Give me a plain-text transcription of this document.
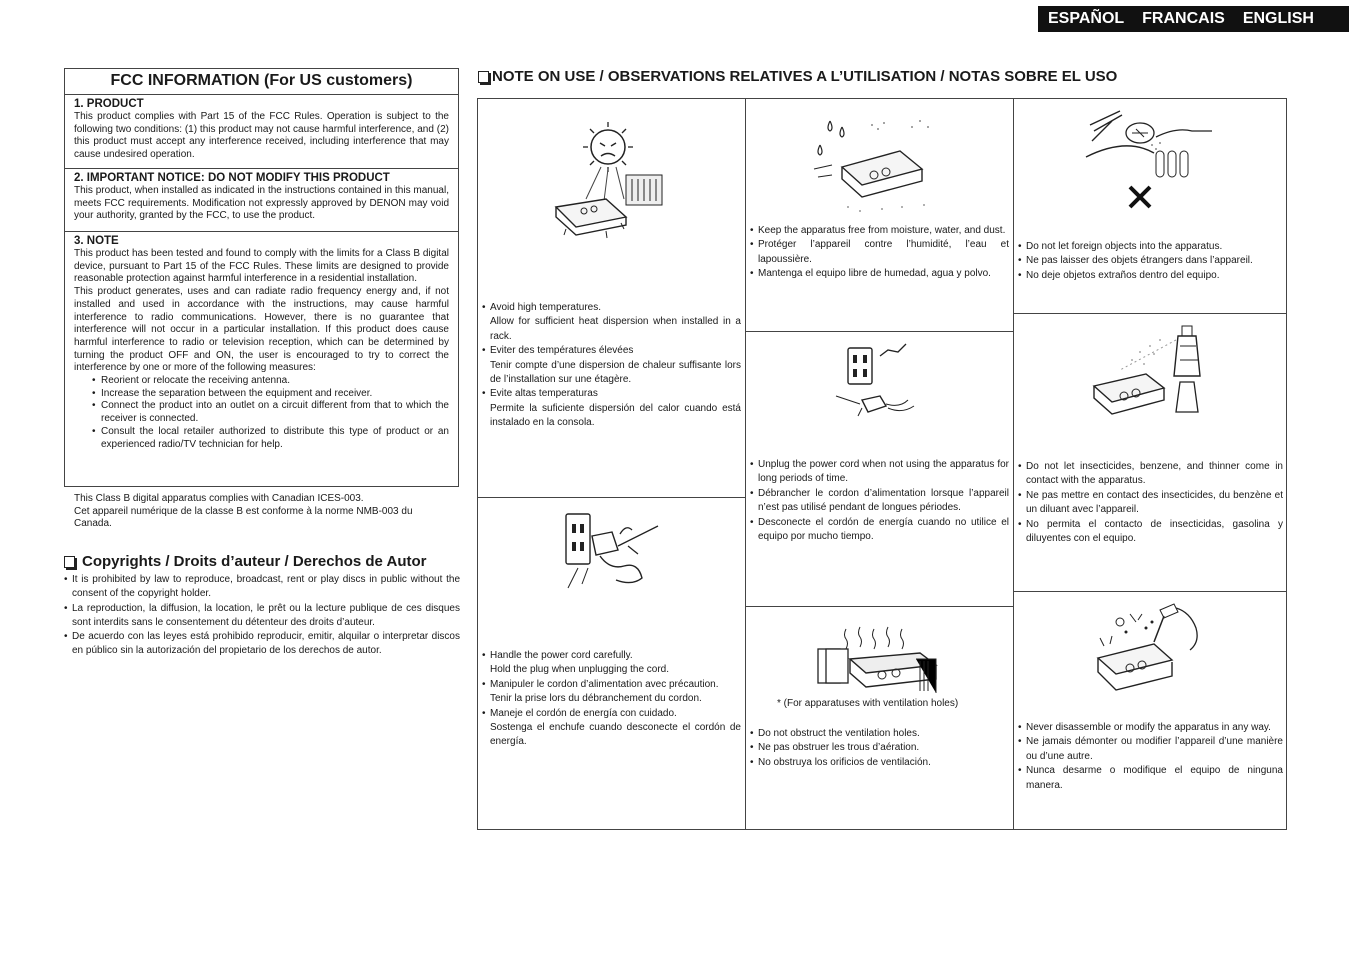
ESPAÑOL FRANCAIS ENGLISH
FCC INFORMATION (For US customers)
1. PRODUCT

This product complies with Part 15 of the FCC Rules. Operation is subject to the following two conditions: (1) this product may not cause harmful interference, and (2) this product must accept any interference received, including interference that may cause undesired operation.

2. IMPORTANT NOTICE: DO NOT MODIFY THIS PRODUCT

This product, when installed as indicated in the instructions contained in this manual, meets FCC requirements. Modification not expressly approved by DENON may void your authority, granted by the FCC, to use the product.

3. NOTE

This product has been tested and found to comply with the limits for a Class B digital device, pursuant to Part 15 of the FCC Rules. These limits are designed to provide reasonable protection against harmful interference in a residential installation.

This product generates, uses and can radiate radio frequency energy and, if not installed and used in accordance with the instructions, may cause harmful interference to radio communications. However, there is no guarantee that interference will not occur in a particular installation. If this product does cause harmful interference to radio or television reception, which can be determined by turning the product OFF and ON, the user is encouraged to try to correct the interference by one or more of the following measures:

• Reorient or relocate the receiving antenna.
• Increase the separation between the equipment and receiver.
• Connect the product into an outlet on a circuit different from that to which the receiver is connected.
• Consult the local retailer authorized to distribute this type of product or an experienced radio/TV technician for help.
This Class B digital apparatus complies with Canadian ICES-003.
Cet appareil numérique de la classe B est conforme à la norme NMB-003 du Canada.
Copyrights / Droits d’auteur / Derechos de Autor
• It is prohibited by law to reproduce, broadcast, rent or play discs in public without the consent of the copyright holder.
• La reproduction, la diffusion, la location, le prêt ou la lecture publique de ces disques sont interdits sans le consentement du détenteur des droits d’auteur.
• De acuerdo con las leyes está prohibido reproducir, emitir, alquilar o interpretar discos en público sin la autorización del propietario de los derechos de autor.
NOTE ON USE / OBSERVATIONS RELATIVES A L’UTILISATION / NOTAS SOBRE EL USO
• Avoid high temperatures.
Allow for sufficient heat dispersion when installed in a rack.
• Eviter des températures élevées
Tenir compte d’une dispersion de chaleur suffisante lors de l’installation sur une étagère.
• Evite altas temperaturas
Permite la suficiente dispersión del calor cuando está instalado en la consola.
• Handle the power cord carefully.
Hold the plug when unplugging the cord.
• Manipuler le cordon d’alimentation avec précaution.
Tenir la prise lors du débranchement du cordon.
• Maneje el cordón de energía con cuidado.
Sostenga el enchufe cuando desconecte el cordón de energía.
• Keep the apparatus free from moisture, water, and dust.
• Protéger l’appareil contre l’humidité, l’eau et lapoussière.
• Mantenga el equipo libre de humedad, agua y polvo.
• Unplug the power cord when not using the apparatus for long periods of time.
• Débrancher le cordon d’alimentation lorsque l’appareil n’est pas utilisé pendant de longues périodes.
• Desconecte el cordón de energía cuando no utilice el equipo por mucho tiempo.
* (For apparatuses with ventilation holes)
• Do not obstruct the ventilation holes.
• Ne pas obstruer les trous d’aération.
• No obstruya los orificios de ventilación.
• Do not let foreign objects into the apparatus.
• Ne pas laisser des objets étrangers dans l’appareil.
• No deje objetos extraños dentro del equipo.
• Do not let insecticides, benzene, and thinner come in contact with the apparatus.
• Ne pas mettre en contact des insecticides, du benzène et un diluant avec l’appareil.
• No permita el contacto de insecticidas, gasolina y diluyentes con el equipo.
• Never disassemble or modify the apparatus in any way.
• Ne jamais démonter ou modifier l’appareil d’une manière ou d’une autre.
• Nunca desarme o modifique el equipo de ninguna manera.
